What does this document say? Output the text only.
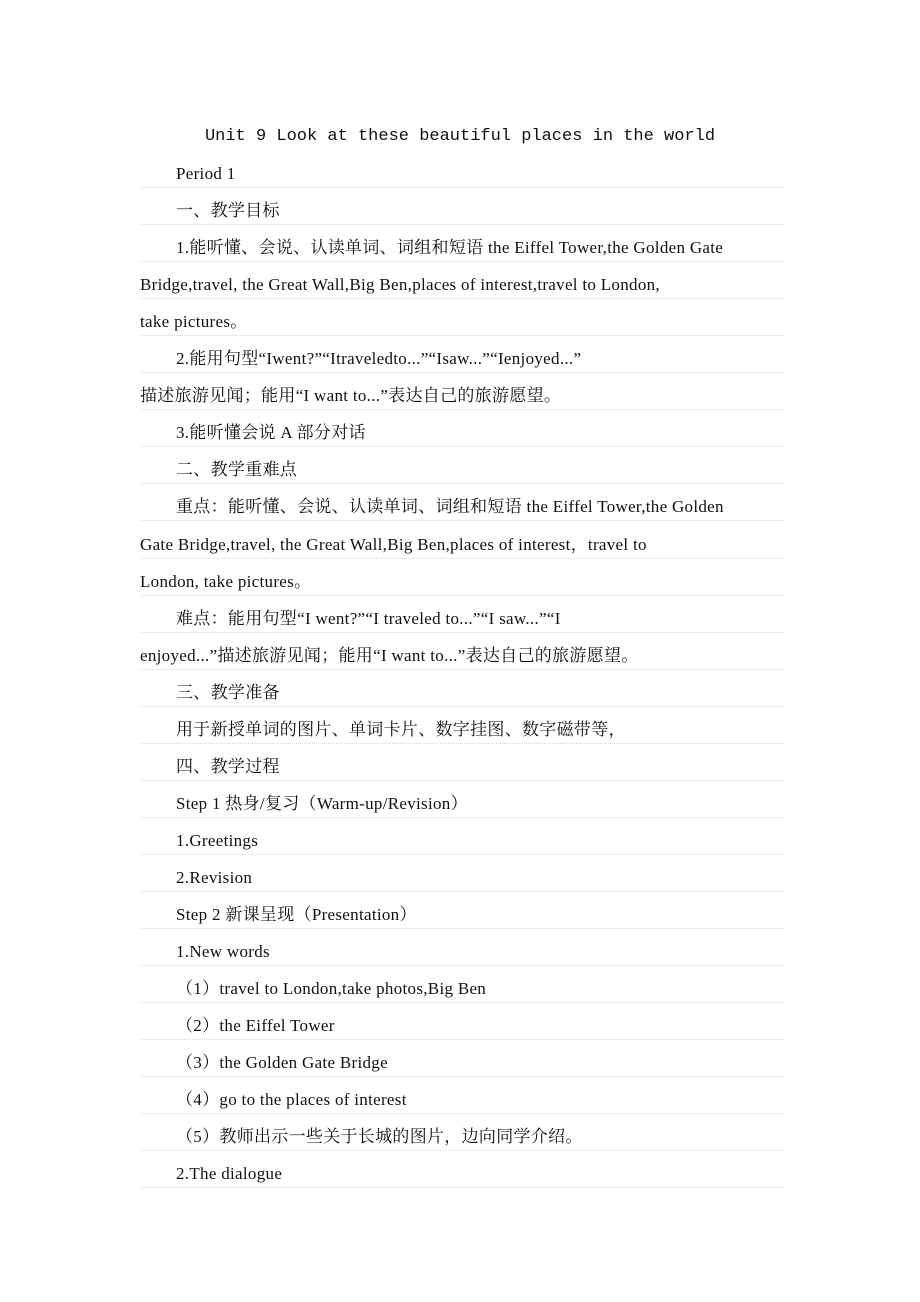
Unit 9 Look at these beautiful places in the world
Period 1
一、教学目标
1.能听懂、会说、认读单词、词组和短语 the Eiffel Tower,the Golden Gate
Bridge,travel, the Great Wall,Big Ben,places of interest,travel to London,
take pictures。
2.能用句型“Iwent?”“Itraveledto...”“Isaw...”“Ienjoyed...”
描述旅游见闻；能用“I want to...”表达自己的旅游愿望。
3.能听懂会说 A 部分对话
二、教学重难点
重点：能听懂、会说、认读单词、词组和短语 the Eiffel Tower,the Golden
Gate Bridge,travel, the Great Wall,Big Ben,places of interest，travel to
London, take pictures。
难点：能用句型“I went?”“I traveled to...”“I saw...”“I
enjoyed...”描述旅游见闻；能用“I want to...”表达自己的旅游愿望。
三、教学准备
用于新授单词的图片、单词卡片、数字挂图、数字磁带等，
四、教学过程
Step 1 热身/复习（Warm-up/Revision）
1.Greetings
2.Revision
Step 2 新课呈现（Presentation）
1.New words
（1）travel to London,take photos,Big Ben
（2）the Eiffel Tower
（3）the Golden Gate Bridge
（4）go to the places of interest
（5）教师出示一些关于长城的图片，边向同学介绍。
2.The dialogue
